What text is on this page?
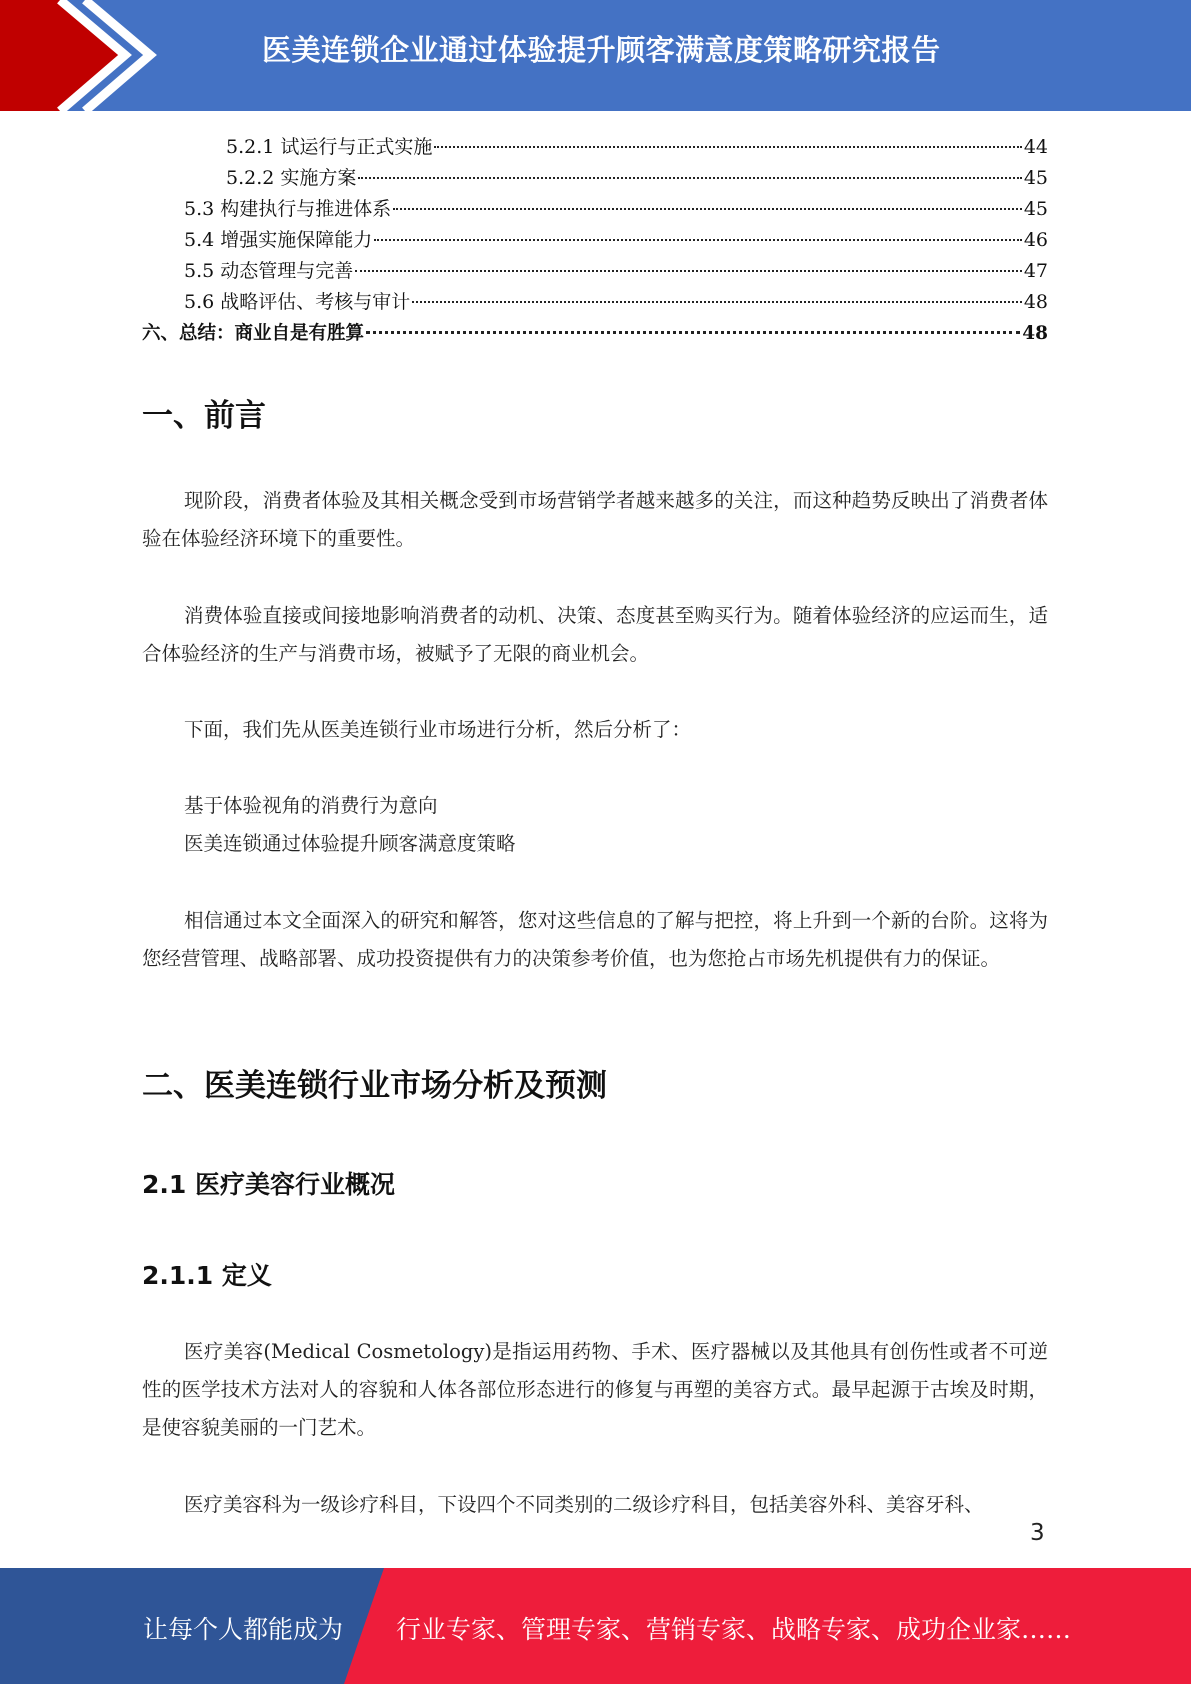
医美连锁企业通过体验提升顾客满意度策略研究报告
5.2.1 试运行与正式实施	44
5.2.2 实施方案	45
5.3 构建执行与推进体系	45
5.4 增强实施保障能力	46
5.5 动态管理与完善	47
5.6 战略评估、考核与审计	48
六、总结：商业自是有胜算	48
一、前言

现阶段，消费者体验及其相关概念受到市场营销学者越来越多的关注，而这种趋势反映出了消费者体验在体验经济环境下的重要性。

消费体验直接或间接地影响消费者的动机、决策、态度甚至购买行为。随着体验经济的应运而生，适合体验经济的生产与消费市场，被赋予了无限的商业机会。

下面，我们先从医美连锁行业市场进行分析，然后分析了：

基于体验视角的消费行为意向
医美连锁通过体验提升顾客满意度策略

相信通过本文全面深入的研究和解答，您对这些信息的了解与把控，将上升到一个新的台阶。这将为您经营管理、战略部署、成功投资提供有力的决策参考价值，也为您抢占市场先机提供有力的保证。

二、医美连锁行业市场分析及预测
2.1 医疗美容行业概况
2.1.1 定义

医疗美容(Medical Cosmetology)是指运用药物、手术、医疗器械以及其他具有创伤性或者不可逆性的医学技术方法对人的容貌和人体各部位形态进行的修复与再塑的美容方式。最早起源于古埃及时期，是使容貌美丽的一门艺术。

医疗美容科为一级诊疗科目，下设四个不同类别的二级诊疗科目，包括美容外科、美容牙科、

3
让每个人都能成为 行业专家、管理专家、营销专家、战略专家、成功企业家……
